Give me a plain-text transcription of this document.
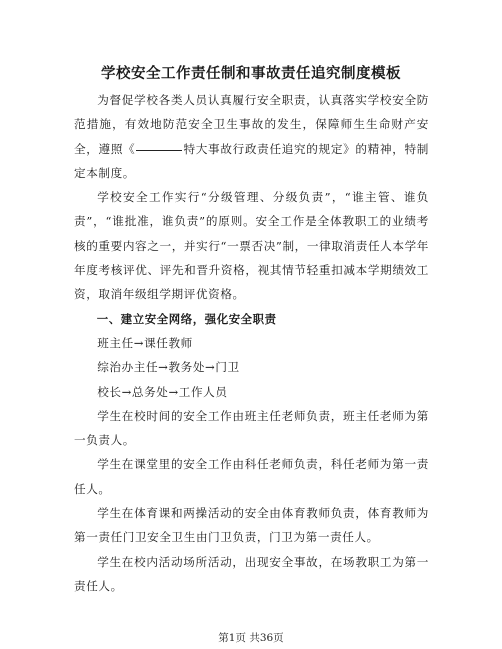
学校安全工作责任制和事故责任追究制度模板

为督促学校各类人员认真履行安全职责，认真落实学校安全防范措施，有效地防范安全卫生事故的发生，保障师生生命财产安全，遵照《	特大事故行政责任追究的规定》的精神，特制定本制度。

学校安全工作实行“分级管理、分级负责”，“谁主管、谁负责”，“谁批准，谁负责”的原则。安全工作是全体教职工的业绩考核的重要内容之一，并实行“一票否决”制，一律取消责任人本学年年度考核评优、评先和晋升资格，视其情节轻重扣减本学期绩效工资，取消年级组学期评优资格。

一、建立安全网络，强化安全职责

班主任→课任教师

综治办主任→教务处→门卫

校长→总务处→工作人员

学生在校时间的安全工作由班主任老师负责，班主任老师为第一负责人。

学生在课堂里的安全工作由科任老师负责，科任老师为第一责任人。

学生在体育课和两操活动的安全由体育教师负责，体育教师为第一责任门卫安全卫生由门卫负责，门卫为第一责任人。

学生在校内活动场所活动，出现安全事故，在场教职工为第一责任人。

第1页 共36页
